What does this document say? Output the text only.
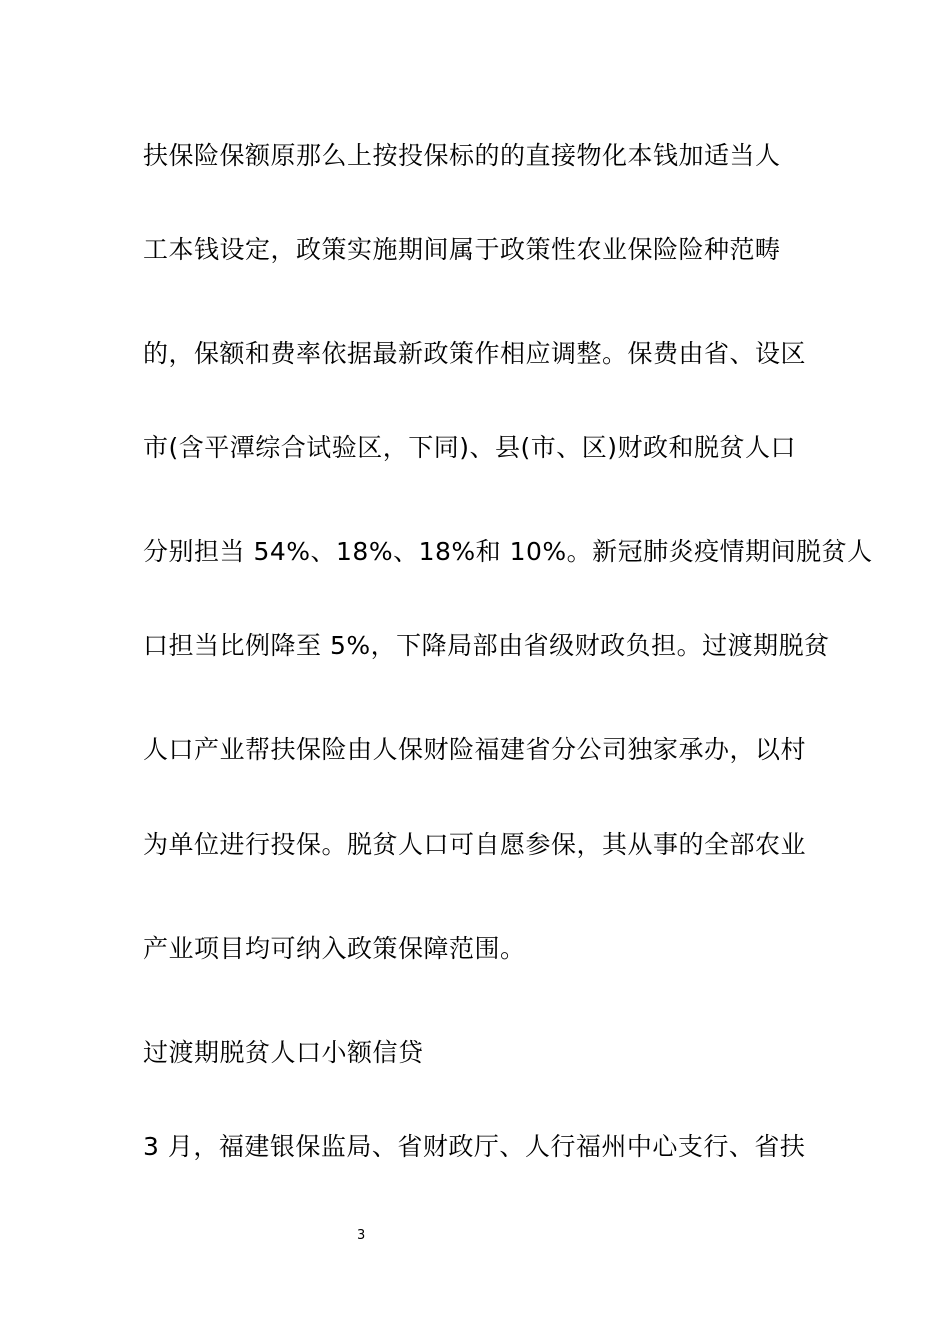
扶保险保额原那么上按投保标的的直接物化本钱加适当人
工本钱设定，政策实施期间属于政策性农业保险险种范畴
的，保额和费率依据最新政策作相应调整。保费由省、设区
市(含平潭综合试验区，下同)、县(市、区)财政和脱贫人口
分别担当 54%、18%、18%和 10%。新冠肺炎疫情期间脱贫人
口担当比例降至 5%，下降局部由省级财政负担。过渡期脱贫
人口产业帮扶保险由人保财险福建省分公司独家承办，以村
为单位进行投保。脱贫人口可自愿参保，其从事的全部农业
产业项目均可纳入政策保障范围。
过渡期脱贫人口小额信贷
3 月，福建银保监局、省财政厅、人行福州中心支行、省扶
3
